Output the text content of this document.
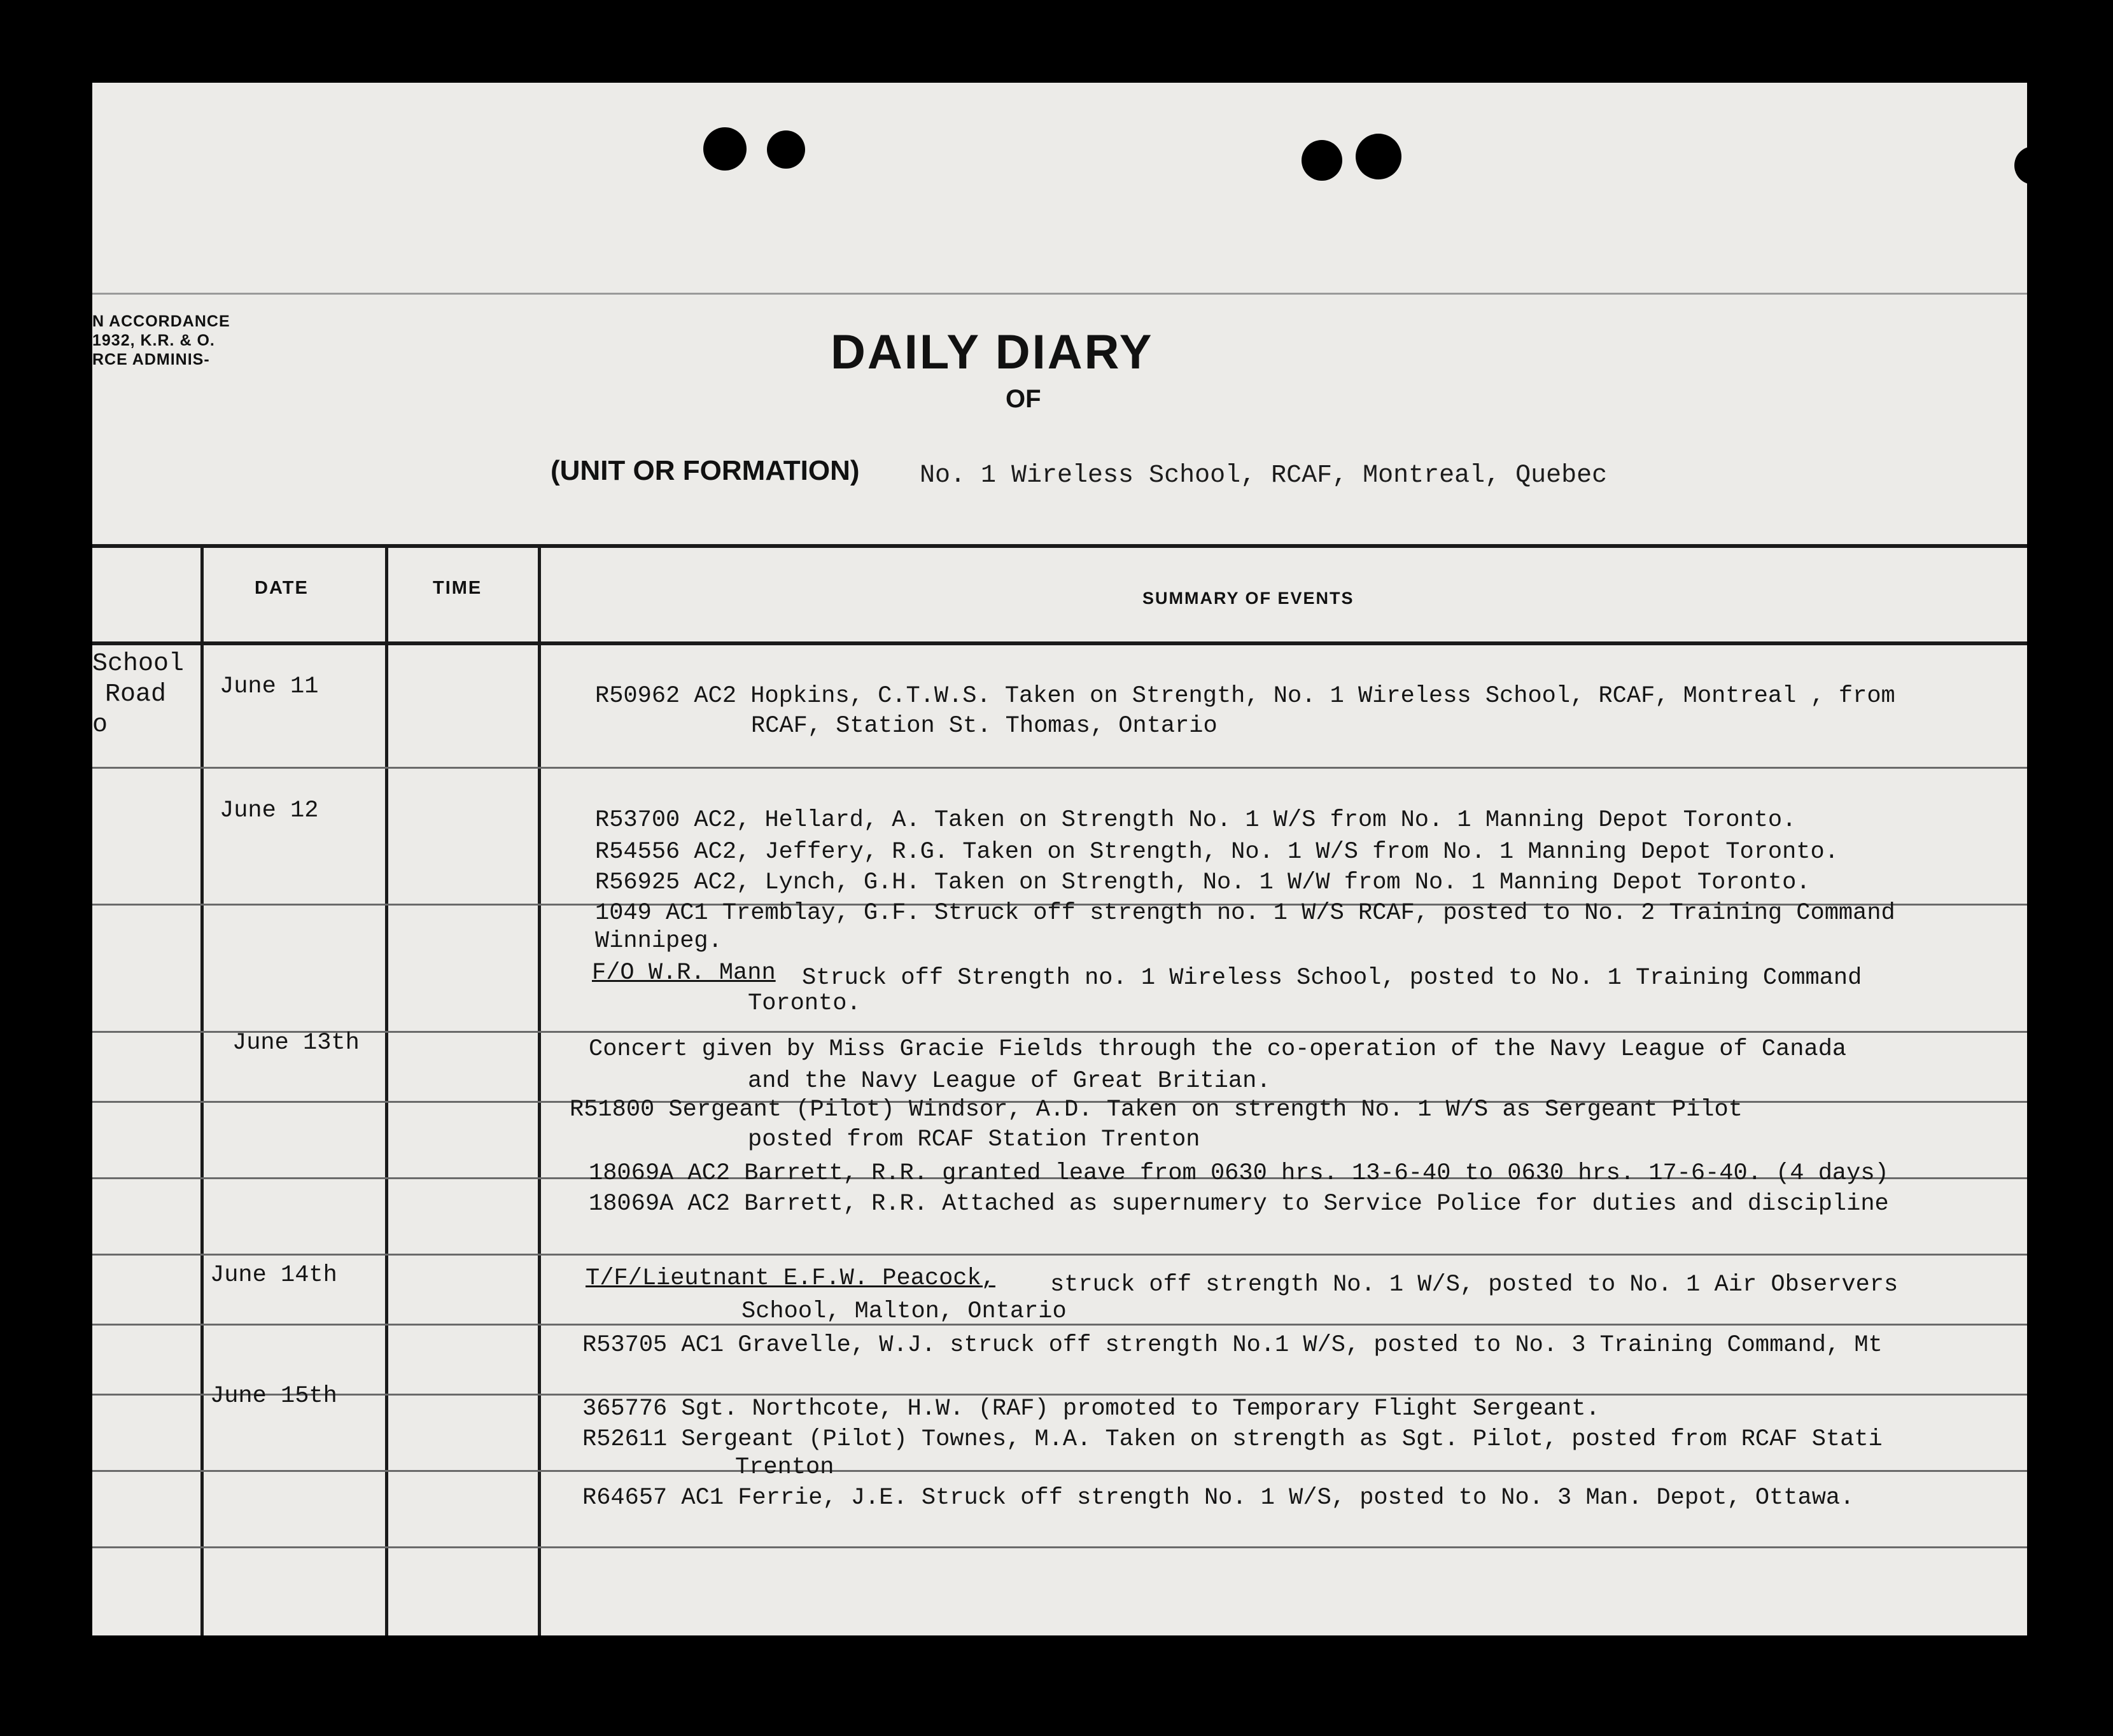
N ACCORDANCE
1932, K.R. & O.
RCE ADMINIS-	DAILY DIARY
OF
(UNIT OR FORMATION) No. 1 Wireless School, RCAF, Montreal, Quebec
DATE	TIME	SUMMARY OF EVENTS
School
Road
o
June 11	R50962 AC2 Hopkins, C.T.W.S. Taken on Strength, No. 1 Wireless School, RCAF, Montreal , from
RCAF, Station St. Thomas, Ontario
June 12	R53700 AC2, Hellard, A. Taken on Strength No. 1 W/S from No. 1 Manning Depot Toronto.
R54556 AC2, Jeffery, R.G. Taken on Strength, No. 1 W/S from No. 1 Manning Depot Toronto.
R56925 AC2, Lynch, G.H. Taken on Strength, No. 1 W/W from No. 1 Manning Depot Toronto.
1049 AC1 Tremblay, G.F. Struck off strength no. 1 W/S RCAF, posted to No. 2 Training Command
Winnipeg.
F/O W.R. Mann Struck off Strength no. 1 Wireless School, posted to No. 1 Training Command
Toronto.
June 13th	Concert given by Miss Gracie Fields through the co-operation of the Navy League of Canada
and the Navy League of Great Britian.
R51800 Sergeant (Pilot) Windsor, A.D. Taken on strength No. 1 W/S as Sergeant Pilot
posted from RCAF Station Trenton
18069A AC2 Barrett, R.R. granted leave from 0630 hrs. 13-6-40 to 0630 hrs. 17-6-40. (4 days)
18069A AC2 Barrett, R.R. Attached as supernumery to Service Police for duties and discipline
June 14th	T/F/Lieutnant E.F.W. Peacock, struck off strength No. 1 W/S, posted to No. 1 Air Observers
School, Malton, Ontario
R53705 AC1 Gravelle, W.J. struck off strength No.1 W/S, posted to No. 3 Training Command, Mt
June 15th	365776 Sgt. Northcote, H.W. (RAF) promoted to Temporary Flight Sergeant.
R52611 Sergeant (Pilot) Townes, M.A. Taken on strength as Sgt. Pilot, posted from RCAF Stati
Trenton
R64657 AC1 Ferrie, J.E. Struck off strength No. 1 W/S, posted to No. 3 Man. Depot, Ottawa.
